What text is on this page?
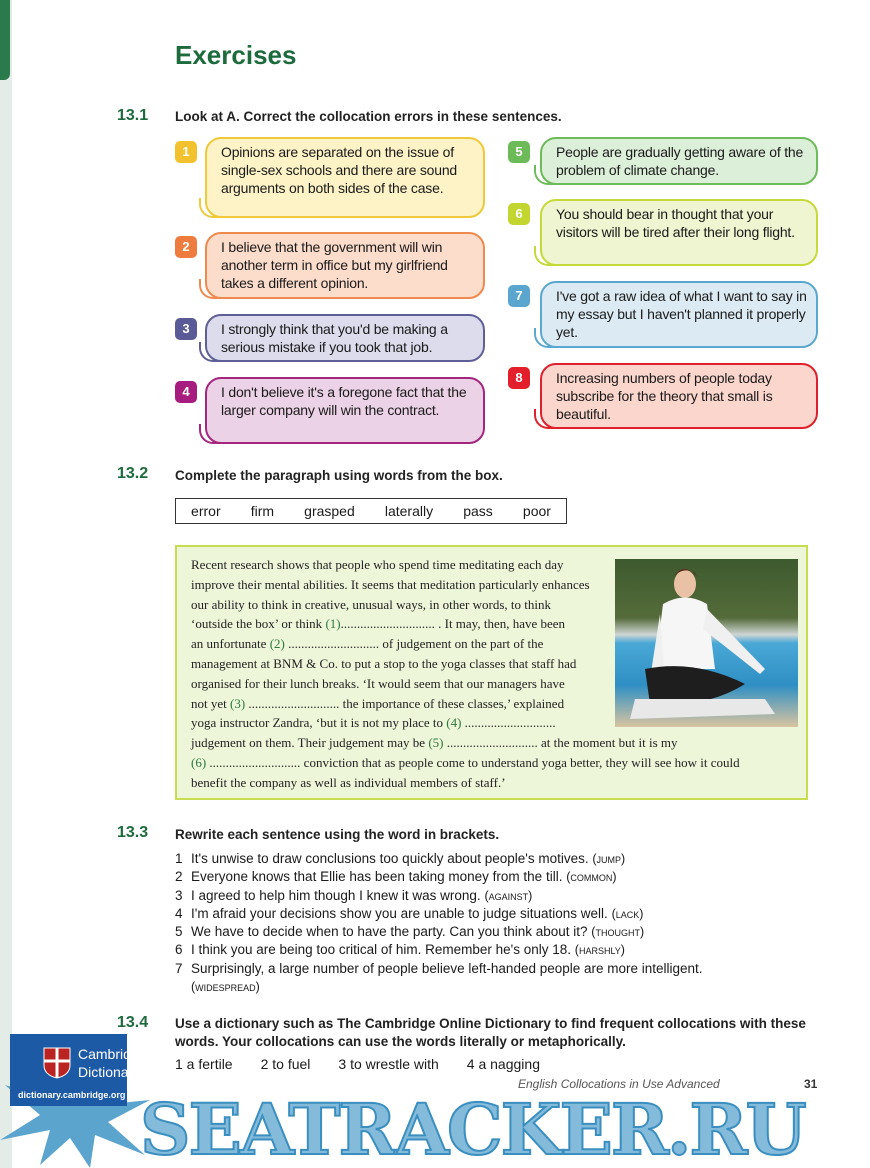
Exercises
13.1 Look at A. Correct the collocation errors in these sentences.
1	Opinions are separated on the issue of single-sex schools and there are sound arguments on both sides of the case.
2	I believe that the government will win another term in office but my girlfriend takes a different opinion.
3	I strongly think that you'd be making a serious mistake if you took that job.
4	I don't believe it's a foregone fact that the larger company will win the contract.
5	People are gradually getting aware of the problem of climate change.
6	You should bear in thought that your visitors will be tired after their long flight.
7	I've got a raw idea of what I want to say in my essay but I haven't planned it properly yet.
8	Increasing numbers of people today subscribe for the theory that small is beautiful.
13.2 Complete the paragraph using words from the box.
error firm grasped laterally pass poor
Recent research shows that people who spend time meditating each day
improve their mental abilities. It seems that meditation particularly enhances
our ability to think in creative, unusual ways, in other words, to think
‘outside the box’ or think (1)............................. . It may, then, have been
an unfortunate (2) ............................ of judgement on the part of the
management at BNM & Co. to put a stop to the yoga classes that staff had
organised for their lunch breaks. ‘It would seem that our managers have
not yet (3) ............................ the importance of these classes,’ explained
yoga instructor Zandra, ‘but it is not my place to (4) ............................
judgement on them. Their judgement may be (5) ............................ at the moment but it is my
(6) ............................ conviction that as people come to understand yoga better, they will see how it could
benefit the company as well as individual members of staff.’
13.3 Rewrite each sentence using the word in brackets.
1 It's unwise to draw conclusions too quickly about people's motives. (jump)
2 Everyone knows that Ellie has been taking money from the till. (common)
3 I agreed to help him though I knew it was wrong. (against)
4 I'm afraid your decisions show you are unable to judge situations well. (lack)
5 We have to decide when to have the party. Can you think about it? (thought)
6 I think you are being too critical of him. Remember he's only 18. (harshly)
7 Surprisingly, a large number of people believe left-handed people are more intelligent.
(widespread)
13.4 Use a dictionary such as The Cambridge Online Dictionary to find frequent collocations with these words. Your collocations can use the words literally or metaphorically.
1 a fertile 2 to fuel 3 to wrestle with 4 a nagging
SEATRACKER.RU
Cambridge
Dictionary
dictionary.cambridge.org
English Collocations in Use Advanced	31
